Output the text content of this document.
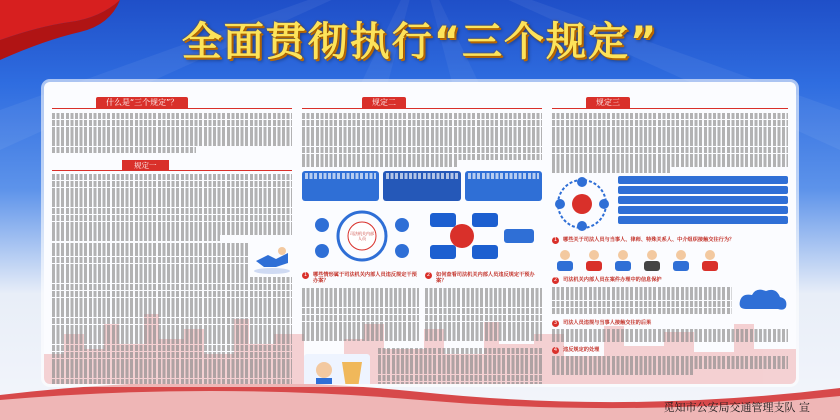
全面贯彻执行“三个规定”
什么是“三个规定”？
规定一
规定二
司法机关内部人员
1	哪些情形属于司法机关内部人员违反规定干预办案？
2	如何查看司法机关内部人员违反规定干预办案？
规定三
1	哪些关于司法人员与当事人、律师、特殊关系人、中介组织接触交往行为？
2	司法机关内部人员在案件办理中的信息保护
3	司法人员违规与当事人接触交往的后果
4	违反规定的处理
觅知市公安局交通管理支队 宣
